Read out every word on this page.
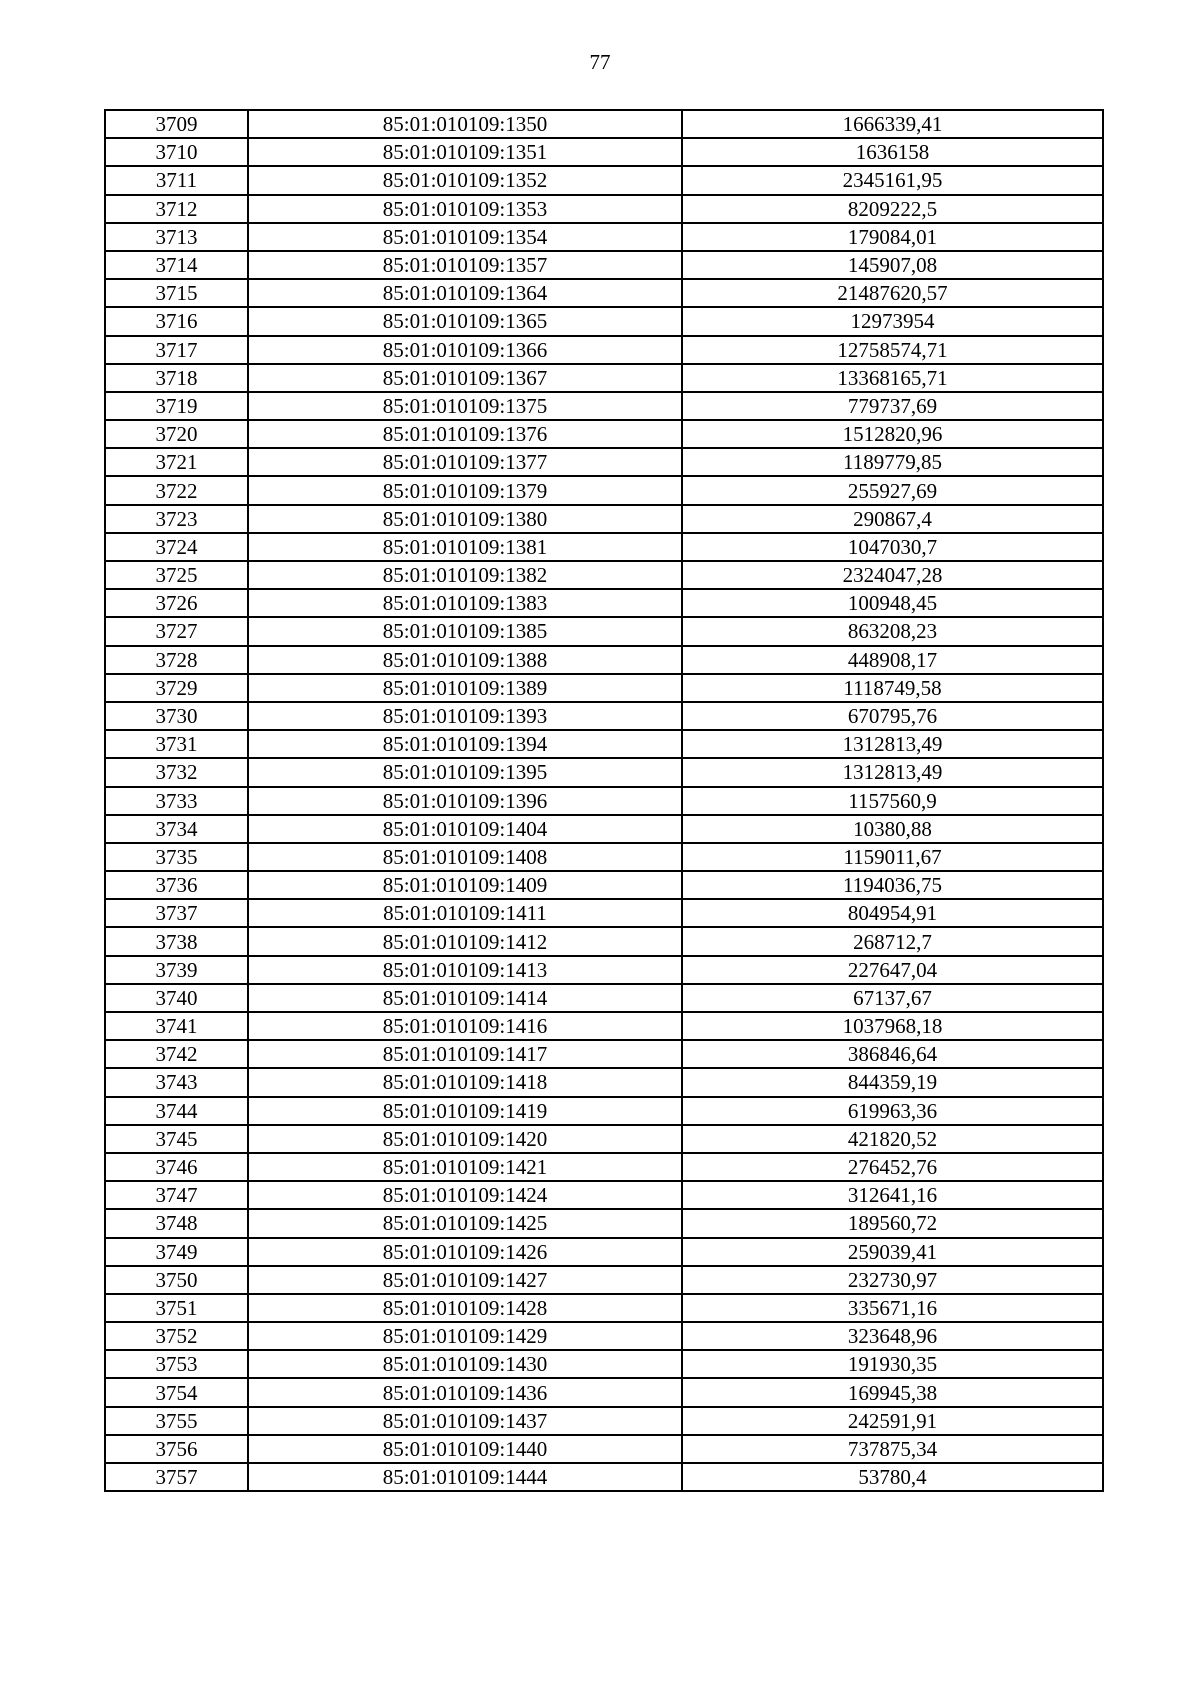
77
3709	85:01:010109:1350	1666339,41
3710	85:01:010109:1351	1636158
3711	85:01:010109:1352	2345161,95
3712	85:01:010109:1353	8209222,5
3713	85:01:010109:1354	179084,01
3714	85:01:010109:1357	145907,08
3715	85:01:010109:1364	21487620,57
3716	85:01:010109:1365	12973954
3717	85:01:010109:1366	12758574,71
3718	85:01:010109:1367	13368165,71
3719	85:01:010109:1375	779737,69
3720	85:01:010109:1376	1512820,96
3721	85:01:010109:1377	1189779,85
3722	85:01:010109:1379	255927,69
3723	85:01:010109:1380	290867,4
3724	85:01:010109:1381	1047030,7
3725	85:01:010109:1382	2324047,28
3726	85:01:010109:1383	100948,45
3727	85:01:010109:1385	863208,23
3728	85:01:010109:1388	448908,17
3729	85:01:010109:1389	1118749,58
3730	85:01:010109:1393	670795,76
3731	85:01:010109:1394	1312813,49
3732	85:01:010109:1395	1312813,49
3733	85:01:010109:1396	1157560,9
3734	85:01:010109:1404	10380,88
3735	85:01:010109:1408	1159011,67
3736	85:01:010109:1409	1194036,75
3737	85:01:010109:1411	804954,91
3738	85:01:010109:1412	268712,7
3739	85:01:010109:1413	227647,04
3740	85:01:010109:1414	67137,67
3741	85:01:010109:1416	1037968,18
3742	85:01:010109:1417	386846,64
3743	85:01:010109:1418	844359,19
3744	85:01:010109:1419	619963,36
3745	85:01:010109:1420	421820,52
3746	85:01:010109:1421	276452,76
3747	85:01:010109:1424	312641,16
3748	85:01:010109:1425	189560,72
3749	85:01:010109:1426	259039,41
3750	85:01:010109:1427	232730,97
3751	85:01:010109:1428	335671,16
3752	85:01:010109:1429	323648,96
3753	85:01:010109:1430	191930,35
3754	85:01:010109:1436	169945,38
3755	85:01:010109:1437	242591,91
3756	85:01:010109:1440	737875,34
3757	85:01:010109:1444	53780,4
